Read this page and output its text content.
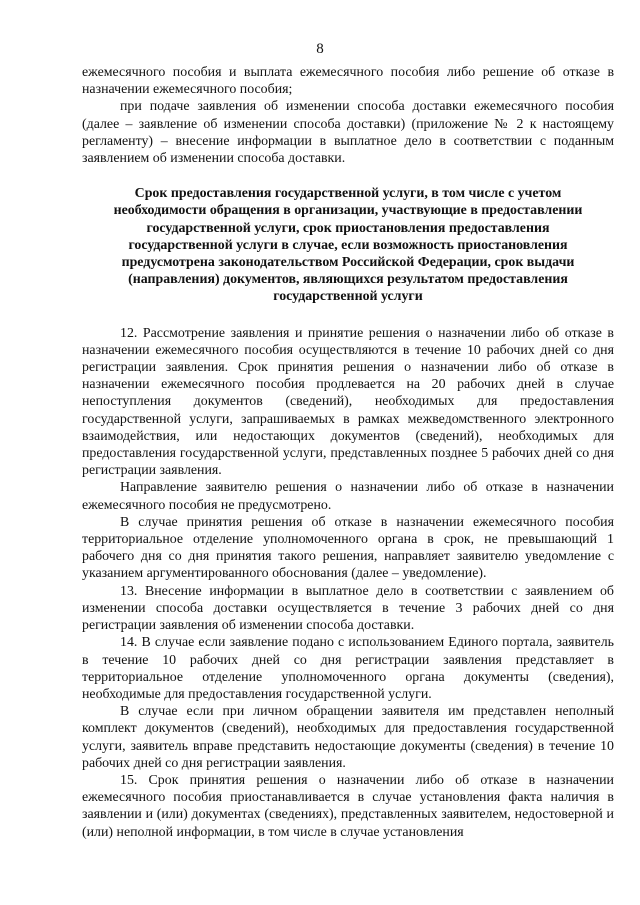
8

ежемесячного пособия и выплата ежемесячного пособия либо решение об отказе в назначении ежемесячного пособия;

при подаче заявления об изменении способа доставки ежемесячного пособия (далее – заявление об изменении способа доставки) (приложение № 2 к настоящему регламенту) – внесение информации в выплатное дело в соответствии с поданным заявлением об изменении способа доставки.

Срок предоставления государственной услуги, в том числе с учетом необходимости обращения в организации, участвующие в предоставлении государственной услуги, срок приостановления предоставления государственной услуги в случае, если возможность приостановления предусмотрена законодательством Российской Федерации, срок выдачи (направления) документов, являющихся результатом предоставления государственной услуги

12. Рассмотрение заявления и принятие решения о назначении либо об отказе в назначении ежемесячного пособия осуществляются в течение 10 рабочих дней со дня регистрации заявления. Срок принятия решения о назначении либо об отказе в назначении ежемесячного пособия продлевается на 20 рабочих дней в случае непоступления документов (сведений), необходимых для предоставления государственной услуги, запрашиваемых в рамках межведомственного электронного взаимодействия, или недостающих документов (сведений), необходимых для предоставления государственной услуги, представленных позднее 5 рабочих дней со дня регистрации заявления.

Направление заявителю решения о назначении либо об отказе в назначении ежемесячного пособия не предусмотрено.

В случае принятия решения об отказе в назначении ежемесячного пособия территориальное отделение уполномоченного органа в срок, не превышающий 1 рабочего дня со дня принятия такого решения, направляет заявителю уведомление с указанием аргументированного обоснования (далее – уведомление).

13. Внесение информации в выплатное дело в соответствии с заявлением об изменении способа доставки осуществляется в течение 3 рабочих дней со дня регистрации заявления об изменении способа доставки.

14. В случае если заявление подано с использованием Единого портала, заявитель в течение 10 рабочих дней со дня регистрации заявления представляет в территориальное отделение уполномоченного органа документы (сведения), необходимые для предоставления государственной услуги.

В случае если при личном обращении заявителя им представлен неполный комплект документов (сведений), необходимых для предоставления государственной услуги, заявитель вправе представить недостающие документы (сведения) в течение 10 рабочих дней со дня регистрации заявления.

15. Срок принятия решения о назначении либо об отказе в назначении ежемесячного пособия приостанавливается в случае установления факта наличия в заявлении и (или) документах (сведениях), представленных заявителем, недостоверной и (или) неполной информации, в том числе в случае установления
